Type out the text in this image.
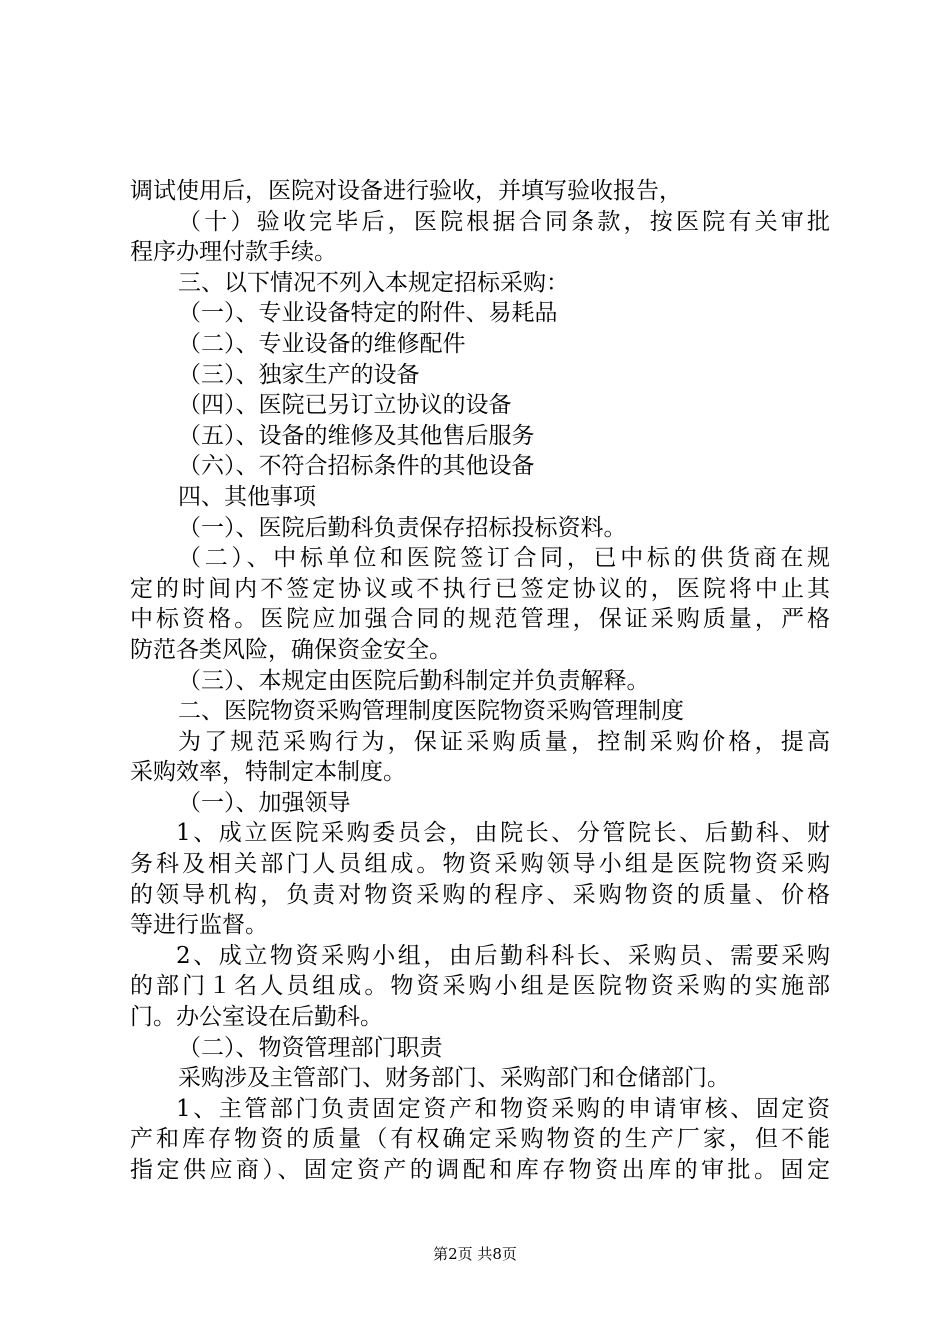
调试使用后，医院对设备进行验收，并填写验收报告，
（十）验收完毕后，医院根据合同条款，按医院有关审批
程序办理付款手续。
三、以下情况不列入本规定招标采购：
（一）、专业设备特定的附件、易耗品
（二）、专业设备的维修配件
（三）、独家生产的设备
（四）、医院已另订立协议的设备
（五）、设备的维修及其他售后服务
（六）、不符合招标条件的其他设备
四、其他事项
（一）、医院后勤科负责保存招标投标资料。
（二）、中标单位和医院签订合同，已中标的供货商在规
定的时间内不签定协议或不执行已签定协议的，医院将中止其
中标资格。医院应加强合同的规范管理，保证采购质量，严格
防范各类风险，确保资金安全。
（三）、本规定由医院后勤科制定并负责解释。
二、医院物资采购管理制度医院物资采购管理制度
为了规范采购行为，保证采购质量，控制采购价格，提高
采购效率，特制定本制度。
（一）、加强领导
1、成立医院采购委员会，由院长、分管院长、后勤科、财
务科及相关部门人员组成。物资采购领导小组是医院物资采购
的领导机构，负责对物资采购的程序、采购物资的质量、价格
等进行监督。
2、成立物资采购小组，由后勤科科长、采购员、需要采购
的部门１名人员组成。物资采购小组是医院物资采购的实施部
门。办公室设在后勤科。
（二）、物资管理部门职责
采购涉及主管部门、财务部门、采购部门和仓储部门。
1、主管部门负责固定资产和物资采购的申请审核、固定资
产和库存物资的质量（有权确定采购物资的生产厂家，但不能
指定供应商）、固定资产的调配和库存物资出库的审批。固定
第2页 共8页
